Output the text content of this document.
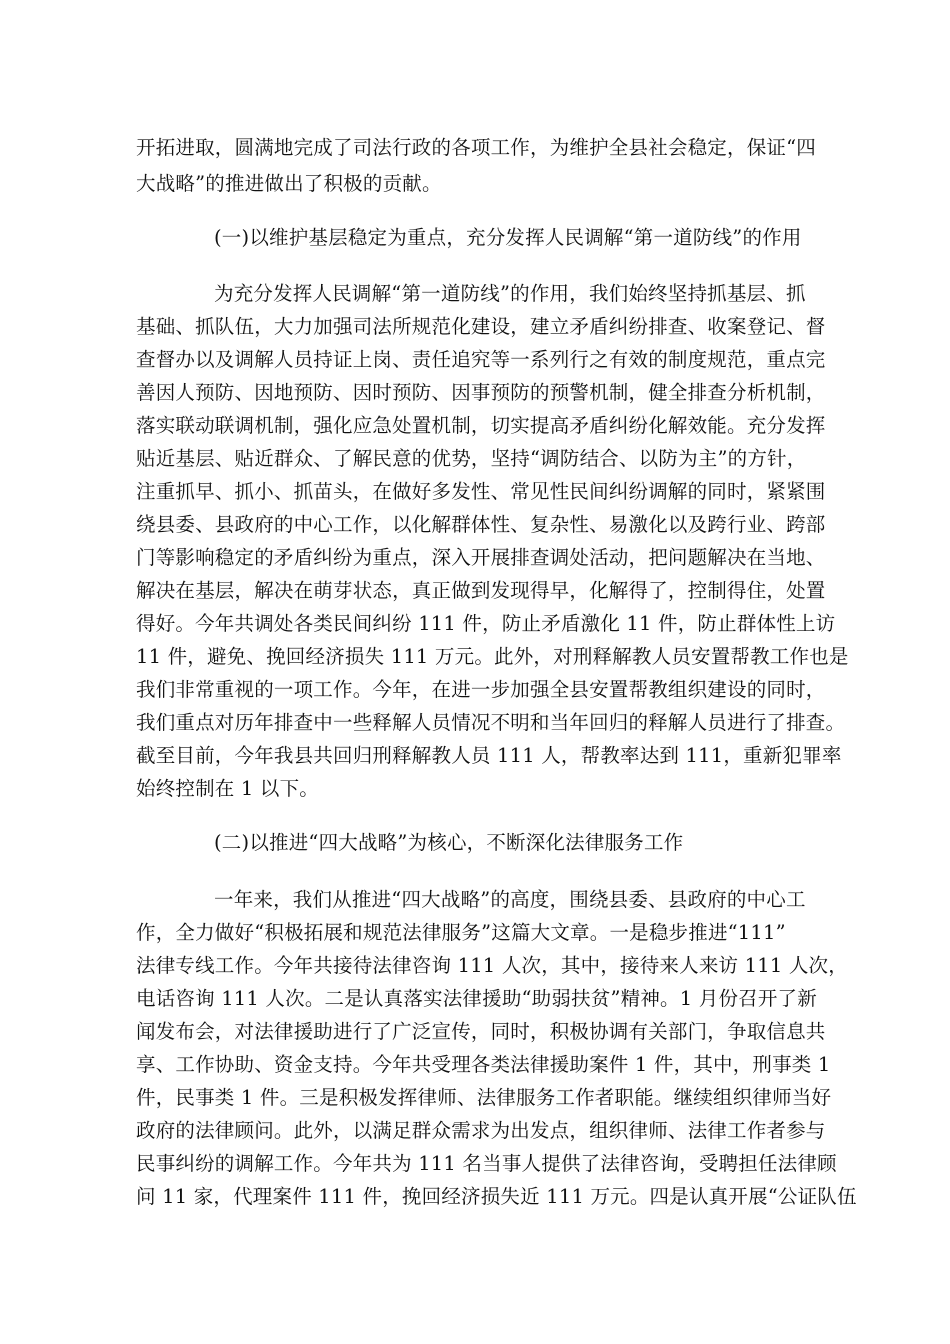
开拓进取，圆满地完成了司法行政的各项工作，为维护全县社会稳定，保证“四
大战略”的推进做出了积极的贡献。
(一)以维护基层稳定为重点，充分发挥人民调解“第一道防线”的作用
为充分发挥人民调解“第一道防线”的作用，我们始终坚持抓基层、抓
基础、抓队伍，大力加强司法所规范化建设，建立矛盾纠纷排查、收案登记、督
查督办以及调解人员持证上岗、责任追究等一系列行之有效的制度规范，重点完
善因人预防、因地预防、因时预防、因事预防的预警机制，健全排查分析机制，
落实联动联调机制，强化应急处置机制，切实提高矛盾纠纷化解效能。充分发挥
贴近基层、贴近群众、了解民意的优势，坚持“调防结合、以防为主”的方针，
注重抓早、抓小、抓苗头，在做好多发性、常见性民间纠纷调解的同时，紧紧围
绕县委、县政府的中心工作，以化解群体性、复杂性、易激化以及跨行业、跨部
门等影响稳定的矛盾纠纷为重点，深入开展排查调处活动，把问题解决在当地、
解决在基层，解决在萌芽状态，真正做到发现得早，化解得了，控制得住，处置
得好。今年共调处各类民间纠纷 111 件，防止矛盾激化 11 件，防止群体性上访
11 件，避免、挽回经济损失 111 万元。此外，对刑释解教人员安置帮教工作也是
我们非常重视的一项工作。今年，在进一步加强全县安置帮教组织建设的同时，
我们重点对历年排查中一些释解人员情况不明和当年回归的释解人员进行了排查。
截至目前，今年我县共回归刑释解教人员 111 人，帮教率达到 111，重新犯罪率
始终控制在 1 以下。
(二)以推进“四大战略”为核心，不断深化法律服务工作
一年来，我们从推进“四大战略”的高度，围绕县委、县政府的中心工
作，全力做好“积极拓展和规范法律服务”这篇大文章。一是稳步推进“111”
法律专线工作。今年共接待法律咨询 111 人次，其中，接待来人来访 111 人次，
电话咨询 111 人次。二是认真落实法律援助“助弱扶贫”精神。1 月份召开了新
闻发布会，对法律援助进行了广泛宣传，同时，积极协调有关部门，争取信息共
享、工作协助、资金支持。今年共受理各类法律援助案件 1 件，其中，刑事类 1
件，民事类 1 件。三是积极发挥律师、法律服务工作者职能。继续组织律师当好
政府的法律顾问。此外，以满足群众需求为出发点，组织律师、法律工作者参与
民事纠纷的调解工作。今年共为 111 名当事人提供了法律咨询，受聘担任法律顾
问 11 家，代理案件 111 件，挽回经济损失近 111 万元。四是认真开展“公证队伍
